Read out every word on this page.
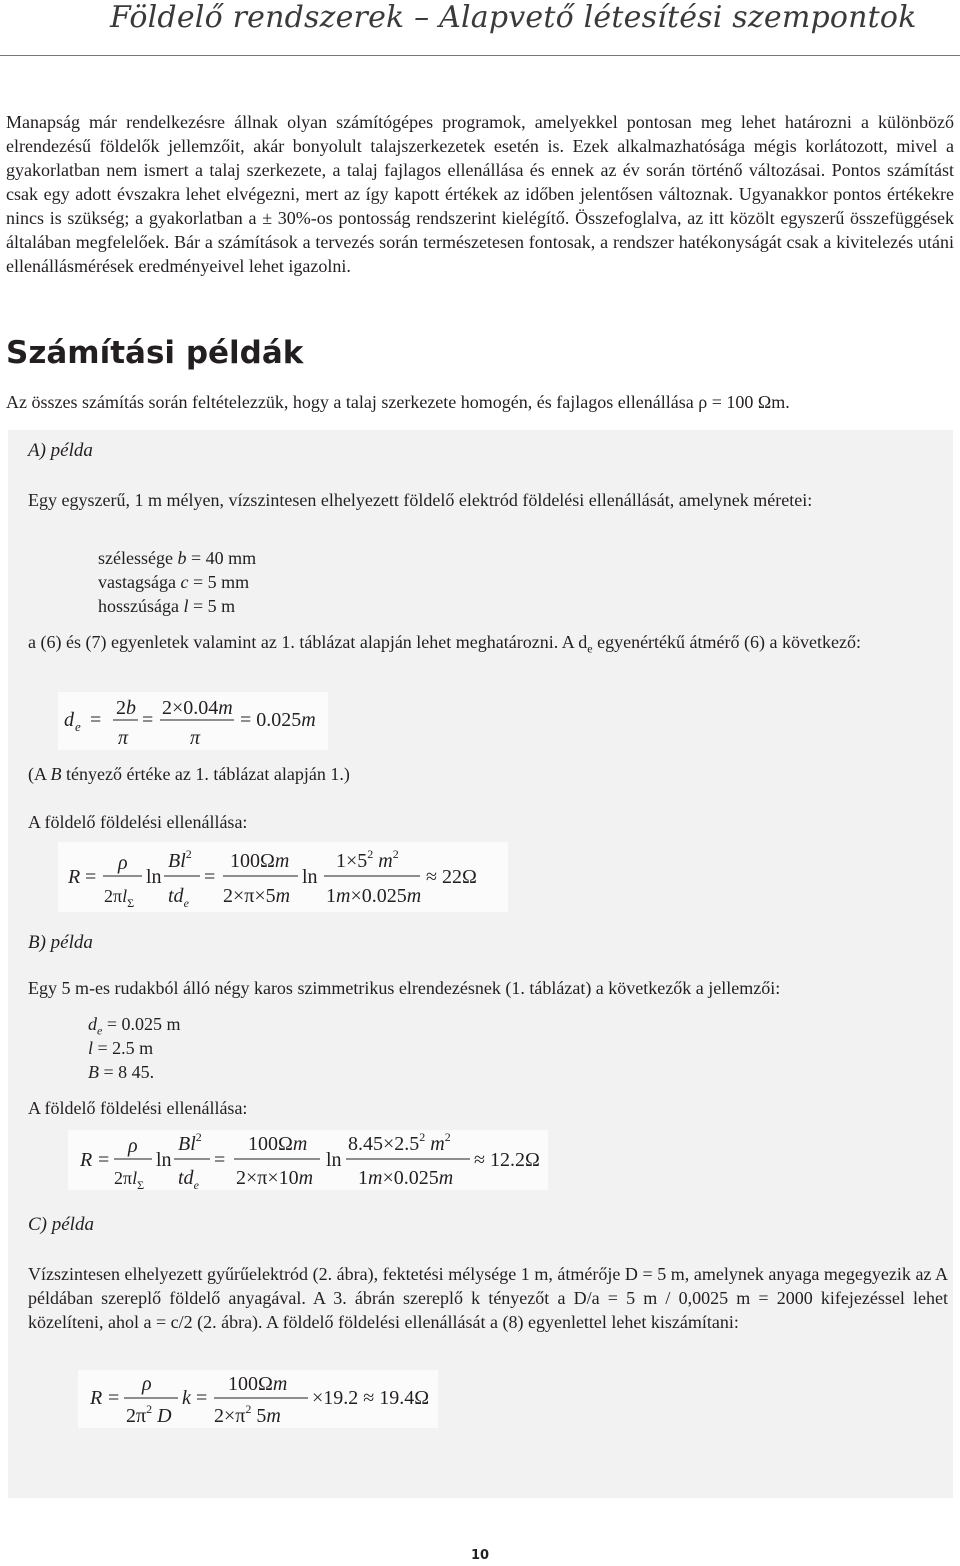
Földelő rendszerek – Alapvető létesítési szempontok
Manapság már rendelkezésre állnak olyan számítógépes programok, amelyekkel pontosan meg lehet határozni a különböző elrendezésű földelők jellemzőit, akár bonyolult talajszerkezetek esetén is. Ezek alkalmazhatósága mégis korlátozott, mivel a gyakorlatban nem ismert a talaj szerkezete, a talaj fajlagos ellenállása és ennek az év során történő változásai. Pontos számítást csak egy adott évszakra lehet elvégezni, mert az így kapott értékek az időben jelentősen változnak. Ugyanakkor pontos értékekre nincs is szükség; a gyakorlatban a ± 30%-os pontosság rendszerint kielégítő. Összefoglalva, az itt közölt egyszerű összefüggések általában megfelelőek. Bár a számítások a tervezés során természetesen fontosak, a rendszer hatékonyságát csak a kivitelezés utáni ellenállásmérések eredményeivel lehet igazolni.
Számítási példák
Az összes számítás során feltételezzük, hogy a talaj szerkezete homogén, és fajlagos ellenállása ρ = 100 Ωm.
A) példa
Egy egyszerű, 1 m mélyen, vízszintesen elhelyezett földelő elektród földelési ellenállását, amelynek méretei:
szélessége b = 40 mm
vastagsága c = 5 mm
hosszúsága l = 5 m
a (6) és (7) egyenletek valamint az 1. táblázat alapján lehet meghatározni. A $d_e$ egyenértékű átmérő (6) a következő:
d e =
2b
π
=
2×0.04m
π
= 0.025m
(A B tényező értéke az 1. táblázat alapján 1.)
A földelő földelési ellenállása:
R =
ρ
$2\pi l_\Sigma$
ln
Bl$^2$
$td_e$
=
100Ωm
2×π×5m
ln
$1\times 5^2$ $m^2$
1m×0.025m
≈ 22Ω
B) példa
Egy 5 m-es rudakból álló négy karos szimmetrikus elrendezésnek (1. táblázat) a következők a jellemzői:
$d_e = 0.025$ m
l = 2.5 m
B = 8 45.
A földelő földelési ellenállása:
R =
ρ
$2\pi l_\Sigma$
ln
Bl$^2$
$td_e$
=
100Ωm
2×π×10m
ln
$8.45\times 2.5^2$ $m^2$
1m×0.025m
≈ 12.2Ω
C) példa
Vízszintesen elhelyezett gyűrűelektród (2. ábra), fektetési mélysége 1 m, átmérője D = 5 m, amelynek anyaga megegyezik az A példában szereplő földelő anyagával. A 3. ábrán szereplő k tényezőt a D/a = 5 m / 0,0025 m = 2000 kifejezéssel lehet közelíteni, ahol a = c/2 (2. ábra). A földelő földelési ellenállását a (8) egyenlettel lehet kiszámítani:
R =
ρ
$2\pi^2$ D
k =
100Ωm
$2\times\pi^2$ 5m
×19.2 ≈ 19.4Ω
10
